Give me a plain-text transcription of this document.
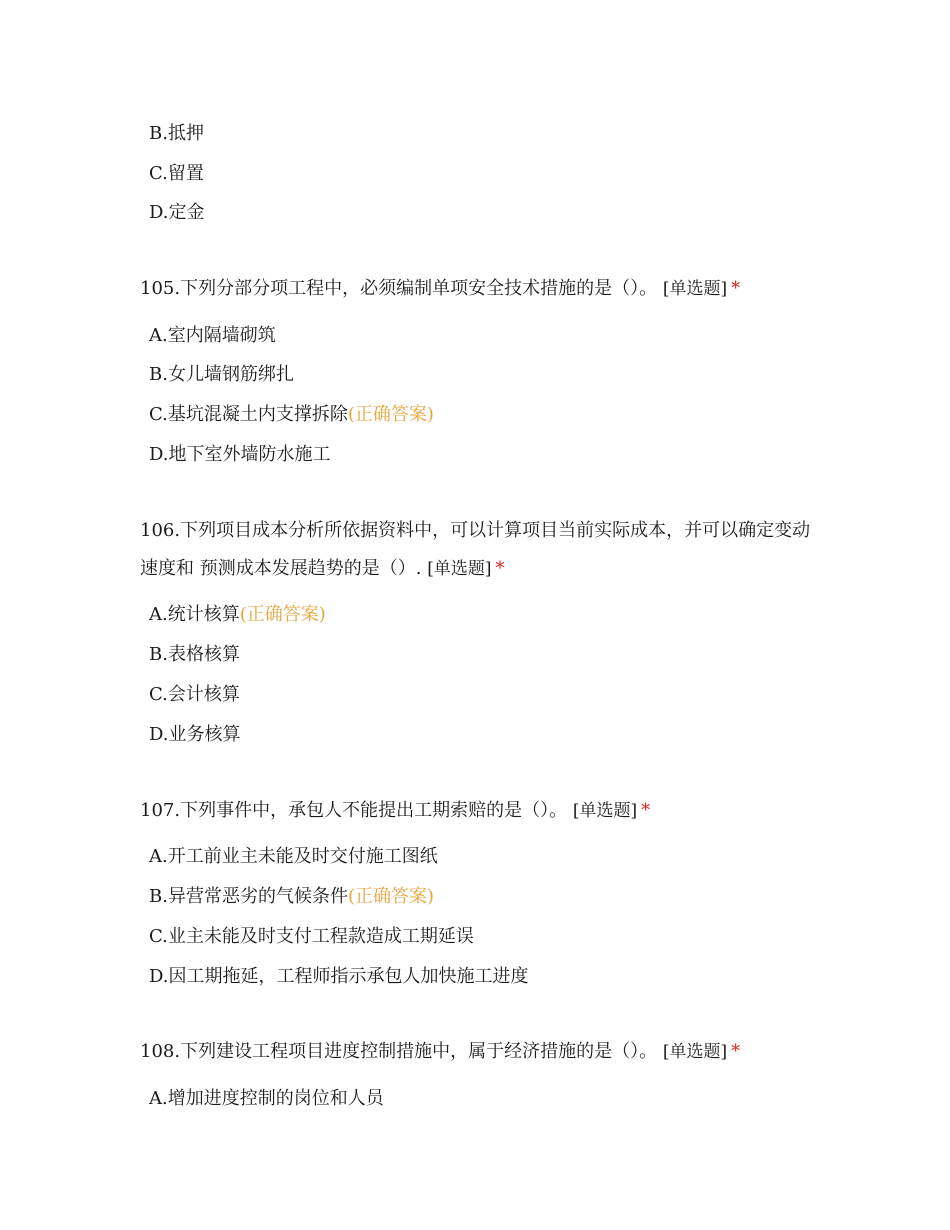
B.抵押
C.留置
D.定金
105.下列分部分项工程中，必须编制单项安全技术措施的是（）。 [单选题] *
A.室内隔墙砌筑
B.女儿墙钢筋绑扎
C.基坑混凝土内支撑拆除(正确答案)
D.地下室外墙防水施工
106.下列项目成本分析所依据资料中，可以计算项目当前实际成本，并可以确定变动速度和 预测成本发展趋势的是（）. [单选题] *
A.统计核算(正确答案)
B.表格核算
C.会计核算
D.业务核算
107.下列事件中，承包人不能提出工期索赔的是（）。 [单选题] *
A.开工前业主未能及时交付施工图纸
B.异营常恶劣的气候条件(正确答案)
C.业主未能及时支付工程款造成工期延误
D.因工期拖延，工程师指示承包人加快施工进度
108.下列建设工程项目进度控制措施中，属于经济措施的是（）。 [单选题] *
A.增加进度控制的岗位和人员
